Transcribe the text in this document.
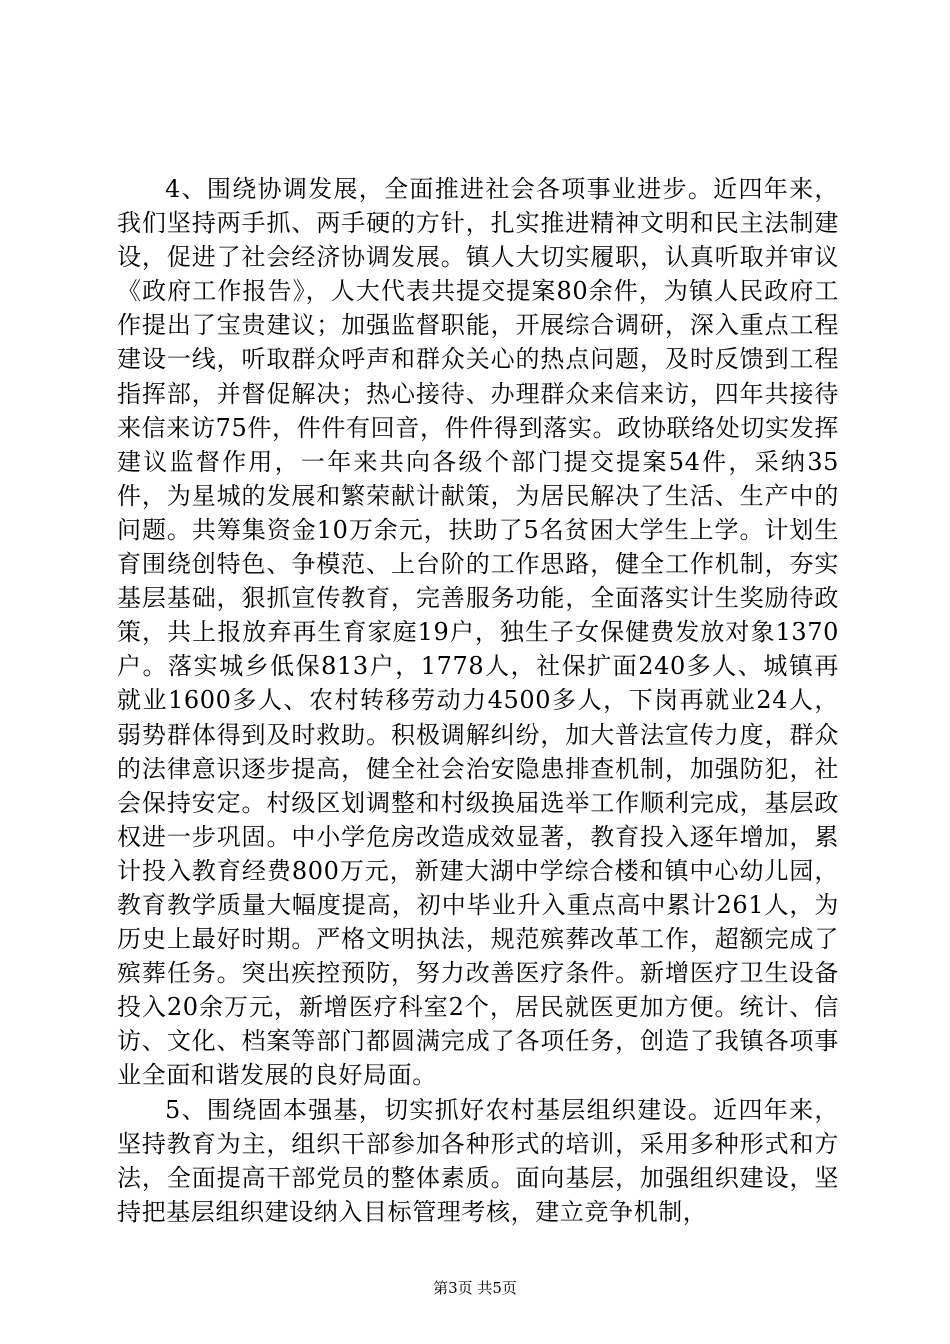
4、围绕协调发展，全面推进社会各项事业进步。近四年来，我们坚持两手抓、两手硬的方针，扎实推进精神文明和民主法制建设，促进了社会经济协调发展。镇人大切实履职，认真听取并审议《政府工作报告》，人大代表共提交提案80余件，为镇人民政府工作提出了宝贵建议；加强监督职能，开展综合调研，深入重点工程建设一线，听取群众呼声和群众关心的热点问题，及时反馈到工程指挥部，并督促解决；热心接待、办理群众来信来访，四年共接待来信来访75件，件件有回音，件件得到落实。政协联络处切实发挥建议监督作用，一年来共向各级个部门提交提案54件，采纳35件，为星城的发展和繁荣献计献策，为居民解决了生活、生产中的问题。共筹集资金10万余元，扶助了5名贫困大学生上学。计划生育围绕创特色、争模范、上台阶的工作思路，健全工作机制，夯实基层基础，狠抓宣传教育，完善服务功能，全面落实计生奖励待政策，共上报放弃再生育家庭19户，独生子女保健费发放对象1370户。落实城乡低保813户，1778人，社保扩面240多人、城镇再就业1600多人、农村转移劳动力4500多人，下岗再就业24人，弱势群体得到及时救助。积极调解纠纷，加大普法宣传力度，群众的法律意识逐步提高，健全社会治安隐患排查机制，加强防犯，社会保持安定。村级区划调整和村级换届选举工作顺利完成，基层政权进一步巩固。中小学危房改造成效显著，教育投入逐年增加，累计投入教育经费800万元，新建大湖中学综合楼和镇中心幼儿园，教育教学质量大幅度提高，初中毕业升入重点高中累计261人，为历史上最好时期。严格文明执法，规范殡葬改革工作，超额完成了殡葬任务。突出疾控预防，努力改善医疗条件。新增医疗卫生设备投入20余万元，新增医疗科室2个，居民就医更加方便。统计、信访、文化、档案等部门都圆满完成了各项任务，创造了我镇各项事业全面和谐发展的良好局面。

5、围绕固本强基，切实抓好农村基层组织建设。近四年来，坚持教育为主，组织干部参加各种形式的培训，采用多种形式和方法，全面提高干部党员的整体素质。面向基层，加强组织建设，坚持把基层组织建设纳入目标管理考核，建立竞争机制，

第3页 共5页
